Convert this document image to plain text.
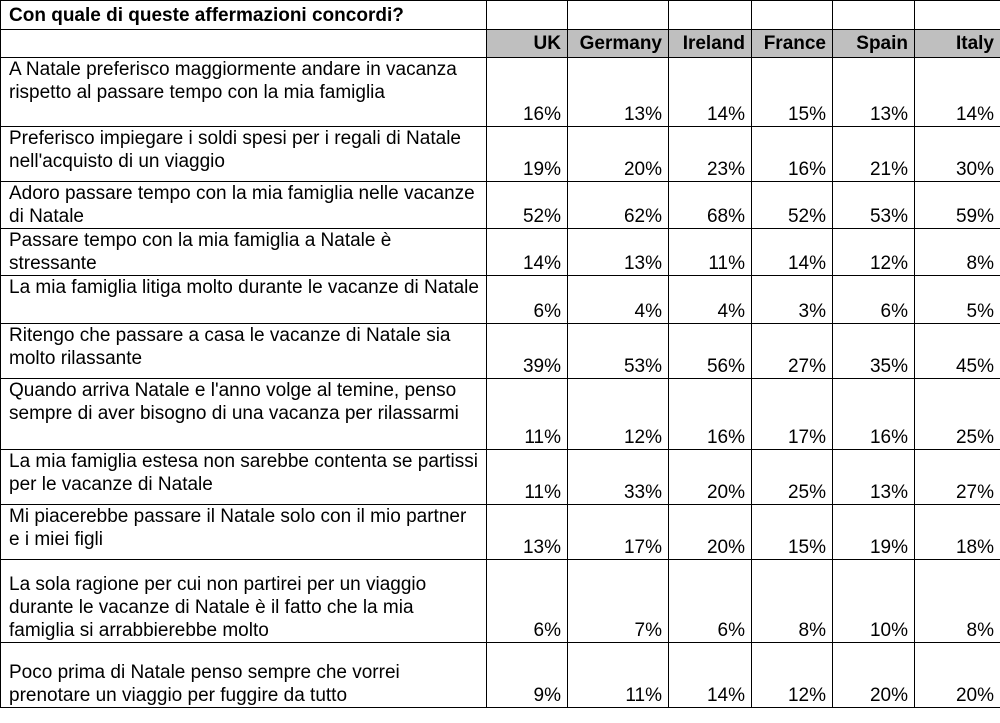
Con quale di queste affermazioni concordi?						
	UK	Germany	Ireland	France	Spain	Italy
A Natale preferisco maggiormente andare in vacanza rispetto al passare tempo con la mia famiglia	16%	13%	14%	15%	13%	14%
Preferisco impiegare i soldi spesi per i regali di Natale nell'acquisto di un viaggio	19%	20%	23%	16%	21%	30%
Adoro passare tempo con la mia famiglia nelle vacanze di Natale	52%	62%	68%	52%	53%	59%
Passare tempo con la mia famiglia a Natale è stressante	14%	13%	11%	14%	12%	8%
La mia famiglia litiga molto durante le vacanze di Natale	6%	4%	4%	3%	6%	5%
Ritengo che passare a casa le vacanze di Natale sia molto rilassante	39%	53%	56%	27%	35%	45%
Quando arriva Natale e l'anno volge al temine, penso sempre di aver bisogno di una vacanza per rilassarmi	11%	12%	16%	17%	16%	25%
La mia famiglia estesa non sarebbe contenta se partissi per le vacanze di Natale	11%	33%	20%	25%	13%	27%
Mi piacerebbe passare il Natale solo con il mio partner e i miei figli	13%	17%	20%	15%	19%	18%
La sola ragione per cui non partirei per un viaggio durante le vacanze di Natale è il fatto che la mia famiglia si arrabbierebbe molto	6%	7%	6%	8%	10%	8%
Poco prima di Natale penso sempre che vorrei prenotare un viaggio per fuggire da tutto	9%	11%	14%	12%	20%	20%
